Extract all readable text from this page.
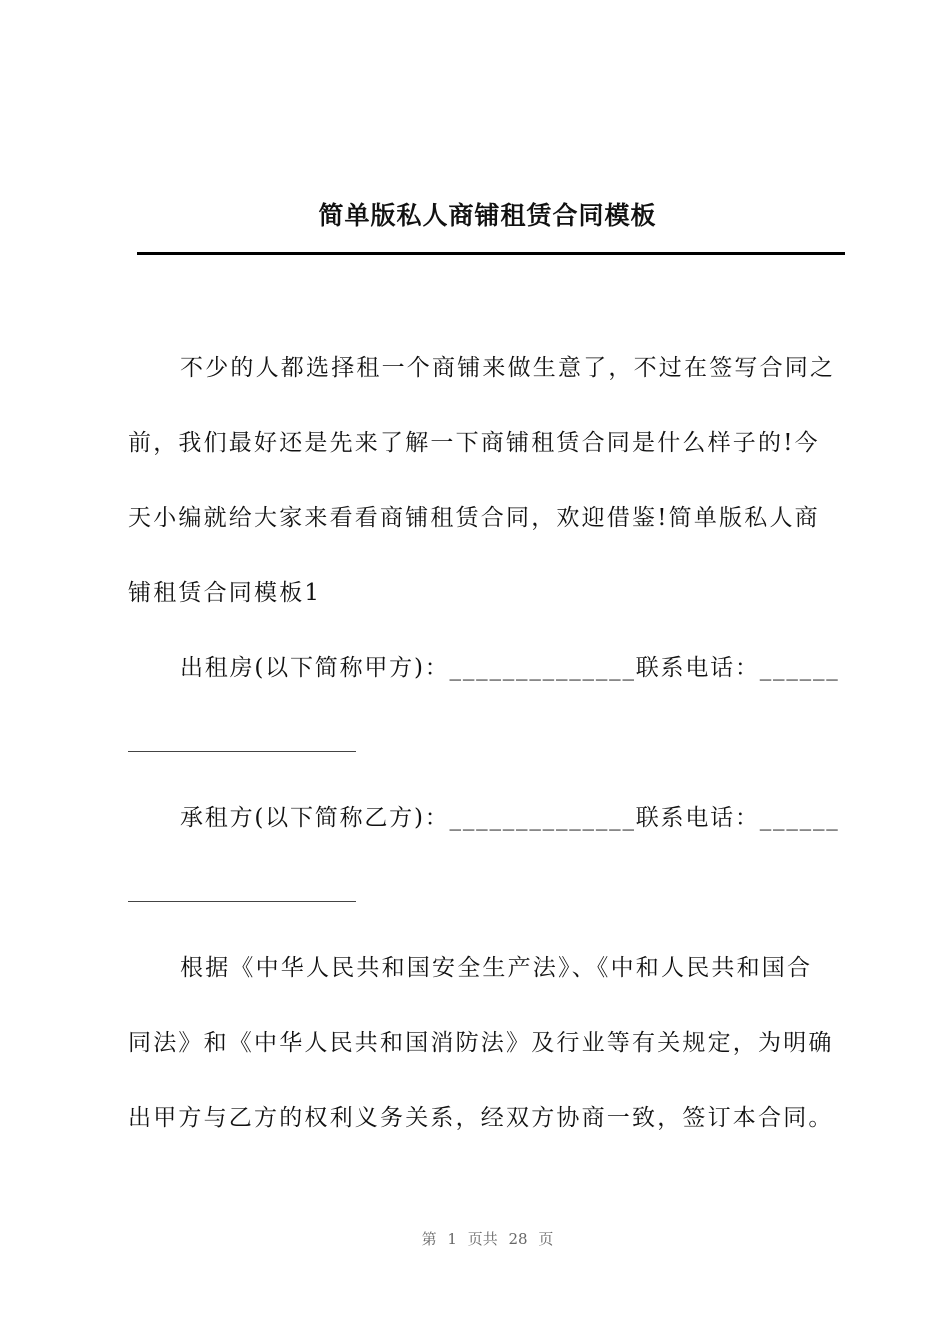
简单版私人商铺租赁合同模板
不少的人都选择租一个商铺来做生意了，不过在签写合同之
前，我们最好还是先来了解一下商铺租赁合同是什么样子的!今
天小编就给大家来看看商铺租赁合同，欢迎借鉴!简单版私人商
铺租赁合同模板1
出租房(以下简称甲方)：______________联系电话：______
承租方(以下简称乙方)：______________联系电话：______
根据《中华人民共和国安全生产法》、《中和人民共和国合
同法》和《中华人民共和国消防法》及行业等有关规定，为明确
出甲方与乙方的权利义务关系，经双方协商一致，签订本合同。
第 1 页共 28 页
